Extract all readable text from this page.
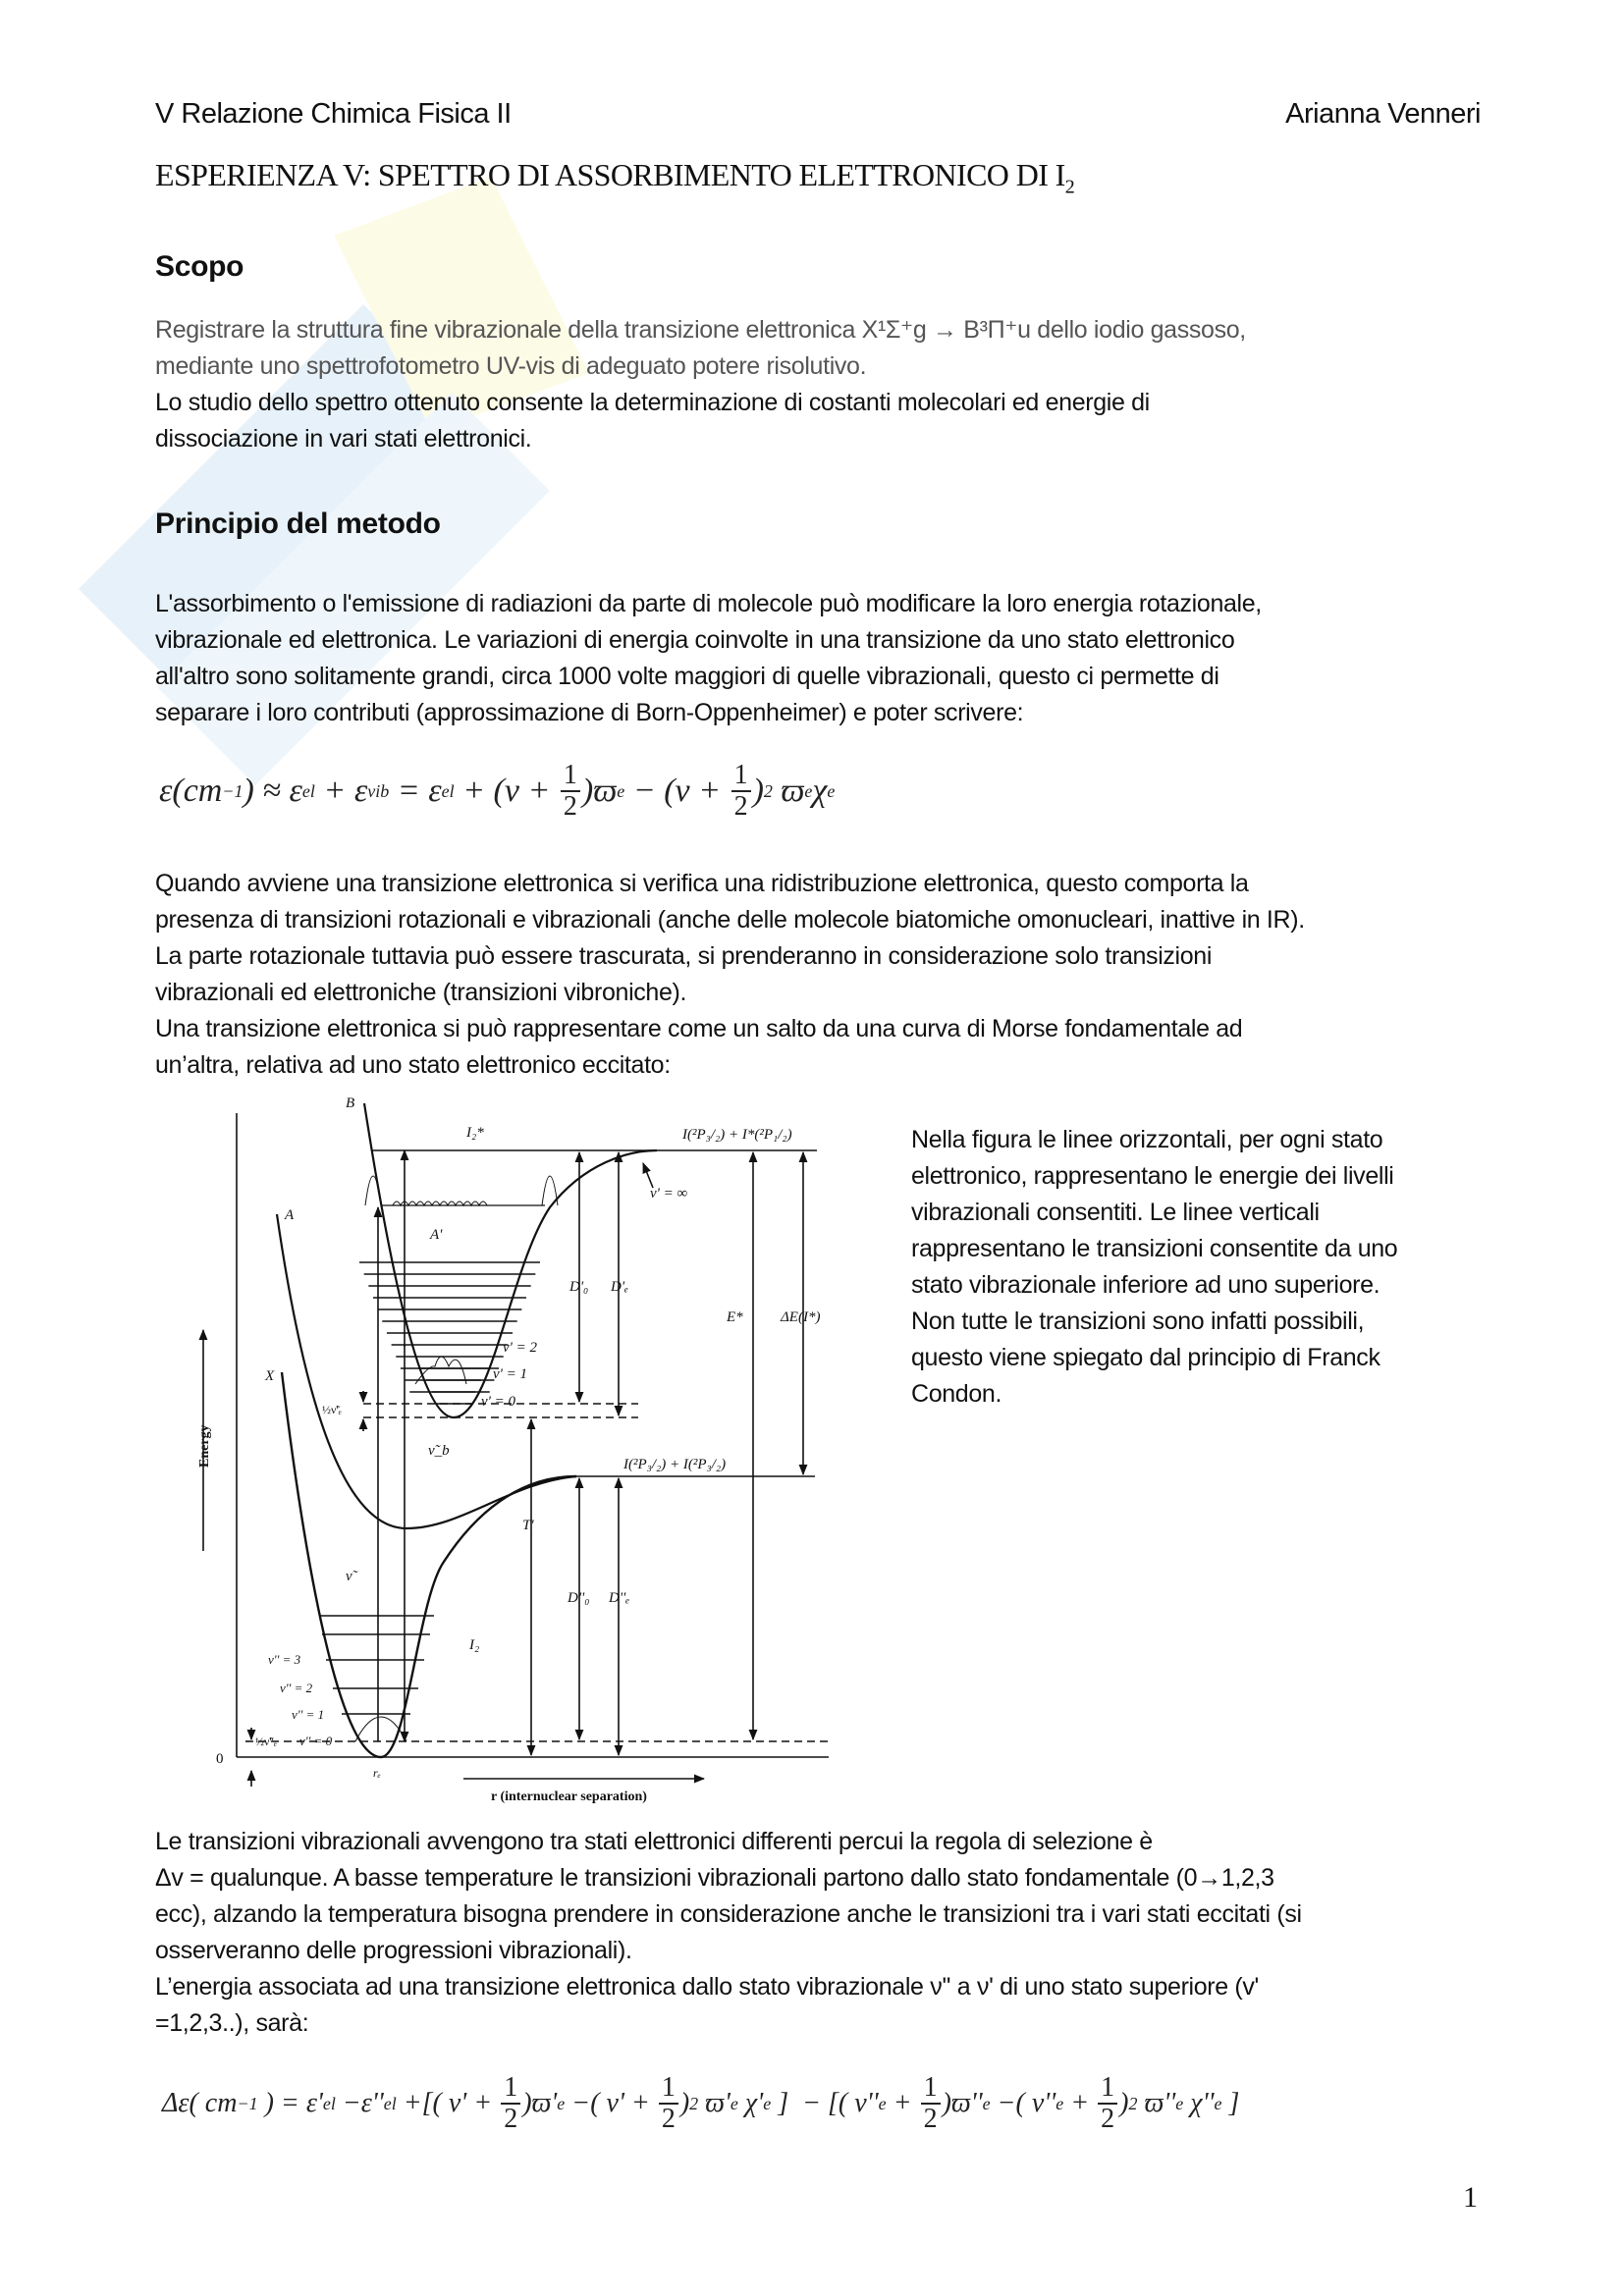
V Relazione Chimica Fisica II	Arianna Venneri
ESPERIENZA V: SPETTRO DI ASSORBIMENTO ELETTRONICO DI $I_2$
Scopo

Registrare la struttura fine vibrazionale della transizione elettronica X¹Σ⁺g → B³Π⁺u dello iodio gassoso,

mediante uno spettrofotometro UV-vis di adeguato potere risolutivo.

Lo studio dello spettro ottenuto consente la determinazione di costanti molecolari ed energie di

dissociazione in vari stati elettronici.

Principio del metodo

L'assorbimento o l'emissione di radiazioni da parte di molecole può modificare la loro energia rotazionale,

vibrazionale ed elettronica. Le variazioni di energia coinvolte in una transizione da uno stato elettronico

all'altro sono solitamente grandi, circa 1000 volte maggiori di quelle vibrazionali, questo ci permette di

separare i loro contributi (approssimazione di Born-Oppenheimer) e poter scrivere:

ε(cm −1 ) ≈ ε el + ε vib = ε el + $(v + \frac{1}{2} )ϖ$ $e - (v + \frac{1}{2}$ ) 2 ϖ e χ e

Quando avviene una transizione elettronica si verifica una ridistribuzione elettronica, questo comporta la

presenza di transizioni rotazionali e vibrazionali (anche delle molecole biatomiche omonucleari, inattive in IR).

La parte rotazionale tuttavia può essere trascurata, si prenderanno in considerazione solo transizioni

vibrazionali ed elettroniche (transizioni vibroniche).

Una transizione elettronica si può rappresentare come un salto da una curva di Morse fondamentale ad

un’altra, relativa ad uno stato elettronico eccitato:

B
I₂*	I(²P₃/₂) + I*(²P₁/₂)
v' = ∞
A
A'
D'₀ D'ₑ
E*	ΔE(I*)
v' = 2
v' = 1
v' = 0
X
½ν̃'ₑ
ν̃_b
I(²P₃/₂) + I(²P₃/₂)
T'
ν̃
D''₀ D''ₑ
I₂
v'' = 3
v'' = 2
v'' = 1
½ν̃''ₑ v'' = 0
0
rₑ
r (internuclear separation)
Energy
Nella figura le linee orizzontali, per ogni stato
elettronico, rappresentano le energie dei livelli
vibrazionali consentiti. Le linee verticali
rappresentano le transizioni consentite da uno
stato vibrazionale inferiore ad uno superiore.
Non tutte le transizioni sono infatti possibili,
questo viene spiegato dal principio di Franck
Condon.

Le transizioni vibrazionali avvengono tra stati elettronici differenti percui la regola di selezione è

Δv = qualunque. A basse temperature le transizioni vibrazionali partono dallo stato fondamentale (0→1,2,3

ecc), alzando la temperatura bisogna prendere in considerazione anche le transizioni tra i vari stati eccitati (si

osserveranno delle progressioni vibrazionali).

L’energia associata ad una transizione elettronica dallo stato vibrazionale ν'' a ν' di uno stato superiore (v'

=1,2,3..), sarà:

Δε( cm −1 ) = ε' el −ε'' el +[( $v' + \frac{1}{2} )ϖ'$ e −( $v' + \frac{1}{2}$ ) 2 ϖ' e χ' e ]  − [( v'' $e + \frac{1}{2} )ϖ''$ e −( v'' $e + \frac{1}{2}$ ) 2 ϖ'' e χ'' e ]
1
